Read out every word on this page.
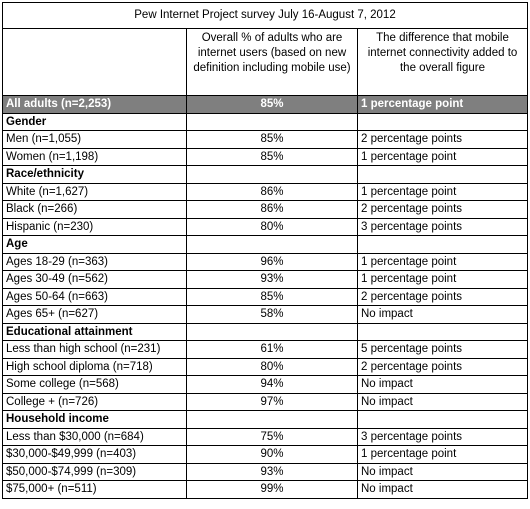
Pew Internet Project survey July 16-August 7, 2012		
	Overall % of adults who are internet users (based on new definition including mobile use)	The difference that mobile internet connectivity added to the overall figure
All adults (n=2,253)	85%	1 percentage point
Gender		
Men (n=1,055)	85%	2 percentage points
Women (n=1,198)	85%	1 percentage point
Race/ethnicity		
White (n=1,627)	86%	1 percentage point
Black (n=266)	86%	2 percentage points
Hispanic (n=230)	80%	3 percentage points
Age		
Ages 18-29 (n=363)	96%	1 percentage point
Ages 30-49 (n=562)	93%	1 percentage point
Ages 50-64 (n=663)	85%	2 percentage points
Ages 65+ (n=627)	58%	No impact
Educational attainment		
Less than high school (n=231)	61%	5 percentage points
High school diploma (n=718)	80%	2 percentage points
Some college (n=568)	94%	No impact
College + (n=726)	97%	No impact
Household income		
Less than $30,000 (n=684)	75%	3 percentage points
$30,000-$49,999 (n=403)	90%	1 percentage point
$50,000-$74,999 (n=309)	93%	No impact
$75,000+ (n=511)	99%	No impact
